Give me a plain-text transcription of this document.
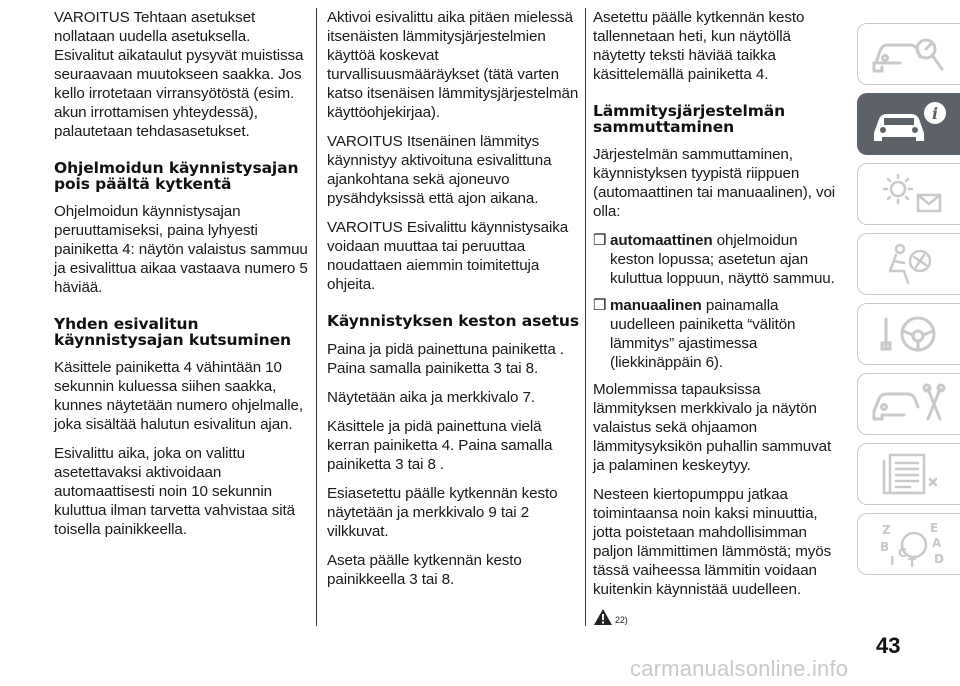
VAROITUS Tehtaan asetukset nollataan uudella asetuksella. Esivalitut aikataulut pysyvät muistissa seuraavaan muutokseen saakka. Jos kello irrotetaan virransyötöstä (esim. akun irrottamisen yhteydessä), palautetaan tehdasasetukset.

Ohjelmoidun käynnistysajan pois päältä kytkentä

Ohjelmoidun käynnistysajan peruuttamiseksi, paina lyhyesti painiketta 4: näytön valaistus sammuu ja esivalittua aikaa vastaava numero 5 häviää.

Yhden esivalitun käynnistysajan kutsuminen

Käsittele painiketta 4 vähintään 10 sekunnin kuluessa siihen saakka, kunnes näytetään numero ohjelmalle, joka sisältää halutun esivalitun ajan.

Esivalittu aika, joka on valittu asetettavaksi aktivoidaan automaattisesti noin 10 sekunnin kuluttua ilman tarvetta vahvistaa sitä toisella painikkeella.

Aktivoi esivalittu aika pitäen mielessä itsenäisten lämmitysjärjestelmien käyttöä koskevat turvallisuusmääräykset (tätä varten katso itsenäisen lämmitysjärjestelmän käyttöohjekirjaa).

VAROITUS Itsenäinen lämmitys käynnistyy aktivoituna esivalittuna ajankohtana sekä ajoneuvo pysähdyksissä että ajon aikana.

VAROITUS Esivalittu käynnistysaika voidaan muuttaa tai peruuttaa noudattaen aiemmin toimitettuja ohjeita.

Käynnistyksen keston asetus

Paina ja pidä painettuna painiketta . Paina samalla painiketta 3 tai 8.

Näytetään aika ja merkkivalo 7.

Käsittele ja pidä painettuna vielä kerran painiketta 4. Paina samalla painiketta 3 tai 8 .

Esiasetettu päälle kytkennän kesto näytetään ja merkkivalo 9 tai 2 vilkkuvat.

Aseta päälle kytkennän kesto painikkeella 3 tai 8.

Asetettu päälle kytkennän kesto tallennetaan heti, kun näytöllä näytetty teksti häviää taikka käsittelemällä painiketta 4.

Lämmitysjärjestelmän sammuttaminen

Järjestelmän sammuttaminen, käynnistyksen tyypistä riippuen (automaattinen tai manuaalinen), voi olla:

❒ automaattinen ohjelmoidun keston lopussa; asetetun ajan kuluttua loppuun, näyttö sammuu.
❒ manuaalinen painamalla uudelleen painiketta “välitön lämmitys” ajastimessa (liekkinäppäin 6).

Molemmissa tapauksissa lämmityksen merkkivalo ja näytön valaistus sekä ohjaamon lämmitysyksikön puhallin sammuvat ja palaminen keskeytyy.

Nesteen kiertopumppu jatkaa toimintaansa noin kaksi minuuttia, jotta poistetaan mahdollisimman paljon lämmittimen lämmöstä; myös tässä vaiheessa lämmitin voidaan kuitenkin käynnistää uudelleen.

22)
i
Z	E
B	A
I
C
T D
43
carmanualsonline.info
